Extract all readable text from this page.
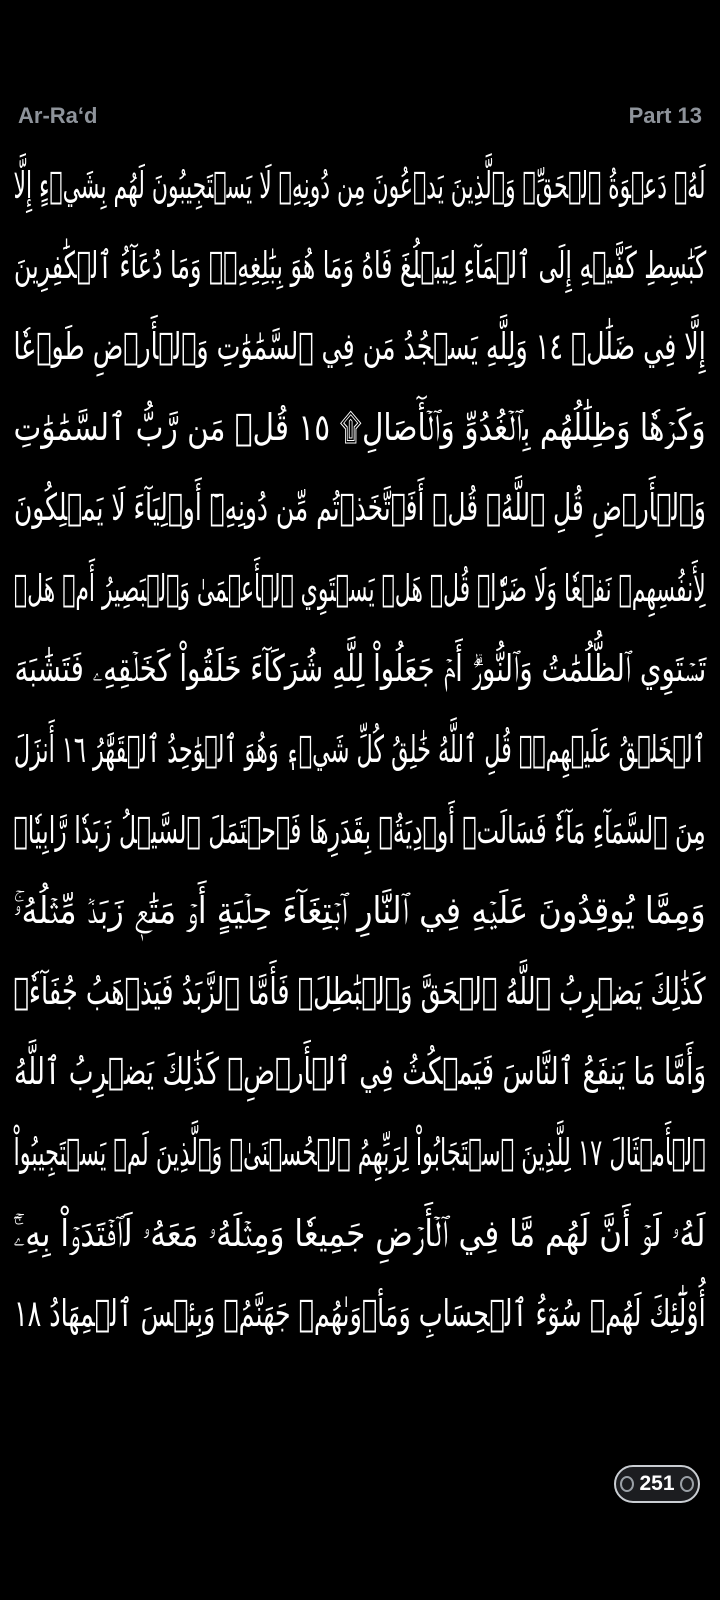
Ar-Ra‘d	Part 13
لَهُۥ دَعۡوَةُ ٱلۡحَقِّۚ وَٱلَّذِينَ يَدۡعُونَ مِن دُونِهِۦ لَا يَسۡتَجِيبُونَ لَهُم بِشَيۡءٍ إِلَّا
كَبَٰسِطِ كَفَّيۡهِ إِلَى ٱلۡمَآءِ لِيَبۡلُغَ فَاهُ وَمَا هُوَ بِبَٰلِغِهِۦۚ وَمَا دُعَآءُ ٱلۡكَٰفِرِينَ
إِلَّا فِي ضَلَٰلٖ ١٤ وَلِلَّهِ يَسۡجُدُ مَن فِي ٱلسَّمَٰوَٰتِ وَٱلۡأَرۡضِ طَوۡعٗا
وَكَرۡهٗا وَظِلَٰلُهُم بِٱلۡغُدُوِّ وَٱلۡأٓصَالِ۩ ١٥ قُلۡ مَن رَّبُّ ٱلسَّمَٰوَٰتِ
وَٱلۡأَرۡضِ قُلِ ٱللَّهُۚ قُلۡ أَفَٱتَّخَذۡتُم مِّن دُونِهِۦٓ أَوۡلِيَآءَ لَا يَمۡلِكُونَ
لِأَنفُسِهِمۡ نَفۡعٗا وَلَا ضَرّٗاۚ قُلۡ هَلۡ يَسۡتَوِي ٱلۡأَعۡمَىٰ وَٱلۡبَصِيرُ أَمۡ هَلۡ
تَسۡتَوِي ٱلظُّلُمَٰتُ وَٱلنُّورُۗ أَمۡ جَعَلُواْ لِلَّهِ شُرَكَآءَ خَلَقُواْ كَخَلۡقِهِۦ فَتَشَٰبَهَ
ٱلۡخَلۡقُ عَلَيۡهِمۡۚ قُلِ ٱللَّهُ خَٰلِقُ كُلِّ شَيۡءٖ وَهُوَ ٱلۡوَٰحِدُ ٱلۡقَهَّٰرُ ١٦ أَنزَلَ
مِنَ ٱلسَّمَآءِ مَآءٗ فَسَالَتۡ أَوۡدِيَةُۢ بِقَدَرِهَا فَٱحۡتَمَلَ ٱلسَّيۡلُ زَبَدٗا رَّابِيٗاۖ
وَمِمَّا يُوقِدُونَ عَلَيۡهِ فِي ٱلنَّارِ ٱبۡتِغَآءَ حِلۡيَةٍ أَوۡ مَتَٰعٖ زَبَدٞ مِّثۡلُهُۥۚ
كَذَٰلِكَ يَضۡرِبُ ٱللَّهُ ٱلۡحَقَّ وَٱلۡبَٰطِلَۚ فَأَمَّا ٱلزَّبَدُ فَيَذۡهَبُ جُفَآءٗۖ
وَأَمَّا مَا يَنفَعُ ٱلنَّاسَ فَيَمۡكُثُ فِي ٱلۡأَرۡضِۚ كَذَٰلِكَ يَضۡرِبُ ٱللَّهُ
ٱلۡأَمۡثَالَ ١٧ لِلَّذِينَ ٱسۡتَجَابُواْ لِرَبِّهِمُ ٱلۡحُسۡنَىٰۚ وَٱلَّذِينَ لَمۡ يَسۡتَجِيبُواْ
لَهُۥ لَوۡ أَنَّ لَهُم مَّا فِي ٱلۡأَرۡضِ جَمِيعٗا وَمِثۡلَهُۥ مَعَهُۥ لَٱفۡتَدَوۡاْ بِهِۦٓۚ
أُوْلَٰٓئِكَ لَهُمۡ سُوٓءُ ٱلۡحِسَابِ وَمَأۡوَىٰهُمۡ جَهَنَّمُۖ وَبِئۡسَ ٱلۡمِهَادُ ١٨
251
